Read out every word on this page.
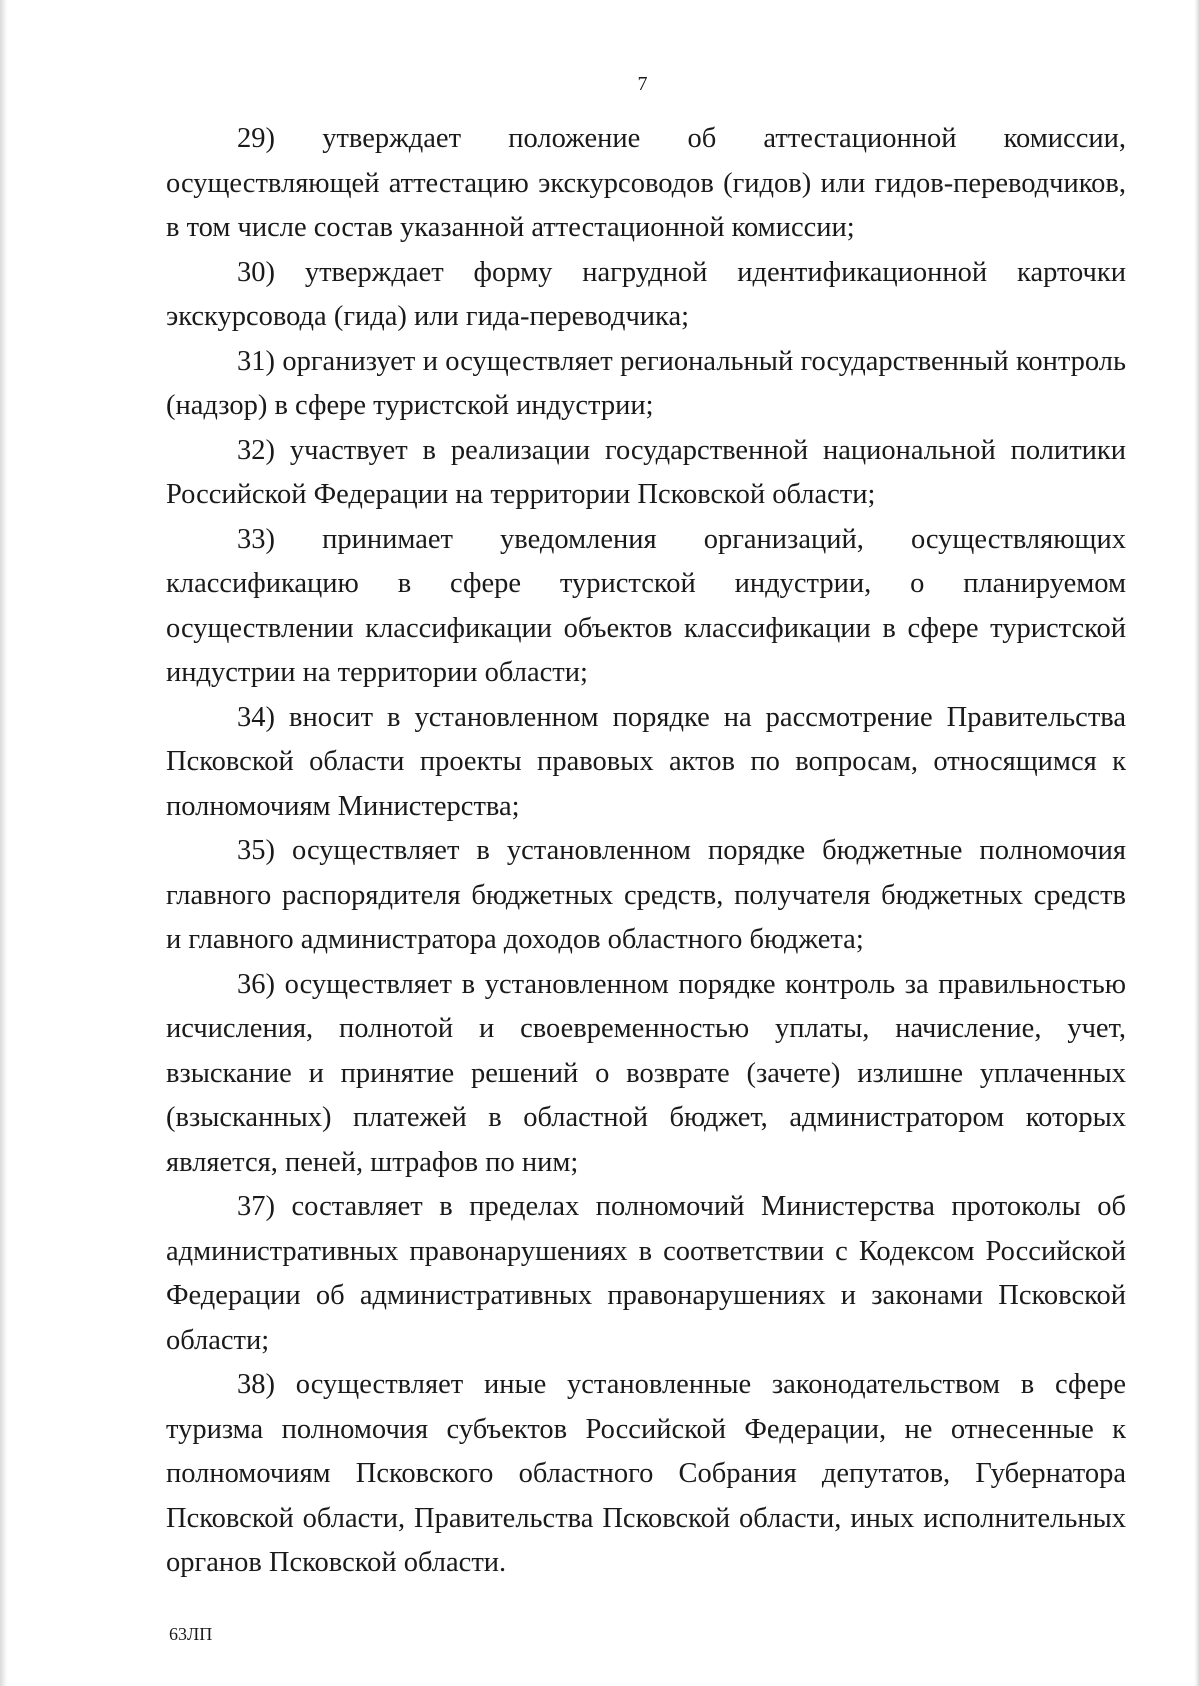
7

29) утверждает положение об аттестационной комиссии, осуществляющей аттестацию экскурсоводов (гидов) или гидов-переводчиков, в том числе состав указанной аттестационной комиссии;

30) утверждает форму нагрудной идентификационной карточки экскурсовода (гида) или гида-переводчика;

31) организует и осуществляет региональный государственный контроль (надзор) в сфере туристской индустрии;

32) участвует в реализации государственной национальной политики Российской Федерации на территории Псковской области;

33) принимает уведомления организаций, осуществляющих классификацию в сфере туристской индустрии, о планируемом осуществлении классификации объектов классификации в сфере туристской индустрии на территории области;

34) вносит в установленном порядке на рассмотрение Правительства Псковской области проекты правовых актов по вопросам, относящимся к полномочиям Министерства;

35) осуществляет в установленном порядке бюджетные полномочия главного распорядителя бюджетных средств, получателя бюджетных средств и главного администратора доходов областного бюджета;

36) осуществляет в установленном порядке контроль за правильностью исчисления, полнотой и своевременностью уплаты, начисление, учет, взыскание и принятие решений о возврате (зачете) излишне уплаченных (взысканных) платежей в областной бюджет, администратором которых является, пеней, штрафов по ним;

37) составляет в пределах полномочий Министерства протоколы об административных правонарушениях в соответствии с Кодексом Российской Федерации об административных правонарушениях и законами Псковской области;

38) осуществляет иные установленные законодательством в сфере туризма полномочия субъектов Российской Федерации, не отнесенные к полномочиям Псковского областного Собрания депутатов, Губернатора Псковской области, Правительства Псковской области, иных исполнительных органов Псковской области.

63ЛП
